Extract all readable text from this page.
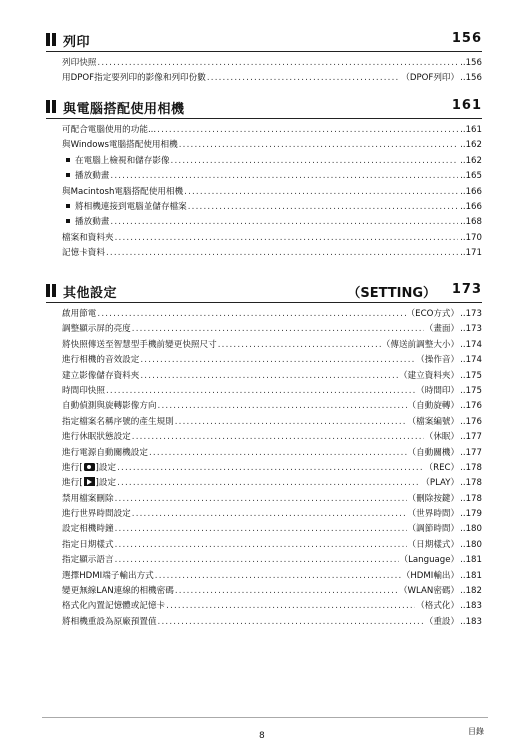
列印	156
列印快照 .....	..156
用DPOF指定要列印的影像和列印份數 .....	（DPOF列印） ..156
與電腦搭配使用相機	161
可配合電腦使用的功能... .....	..161
與Windows電腦搭配使用相機 .....	..162
在電腦上檢視和儲存影像 .....	..162
播放動畫 .....	..165
與Macintosh電腦搭配使用相機 .....	..166
將相機連接到電腦並儲存檔案 .....	..166
播放動畫 .....	..168
檔案和資料夾 .....	..170
記憶卡資料 .....	..171
其他設定	（SETTING） 173
啟用節電 .....	（ECO方式） ..173
調整顯示屏的亮度 .....	（畫面） ..173
將快照傳送至智慧型手機前變更快照尺寸 .....	（傳送前調整大小） ..174
進行相機的音效設定 .....	（操作音） ..174
建立影像儲存資料夾 .....	（建立資料夾） ..175
時間印快照 .....	（時間印） ..175
自動偵測與旋轉影像方向 .....	（自動旋轉） ..176
指定檔案名稱序號的產生規則 .....	（檔案編號） ..176
進行休眠狀態設定 .....	（休眠） ..177
進行電源自動關機設定 .....	（自動關機） ..177
進行[ ]設定 .....	（REC） ..178
進行[ ]設定 .....	（PLAY） ..178
禁用檔案刪除 .....	（刪除按鍵） ..178
進行世界時間設定 .....	（世界時間） ..179
設定相機時鐘 .....	（調節時間） ..180
指定日期樣式 .....	（日期樣式） ..180
指定顯示語言 .....	（Language） ..181
選擇HDMI端子輸出方式 .....	（HDMI輸出） ..181
變更無線LAN連線的相機密碼 .....	（WLAN密碼） ..182
格式化內置記憶體或記憶卡 .....	（格式化） ..183
將相機重設為原廠預置值 .....	（重設） ..183
8	目錄
